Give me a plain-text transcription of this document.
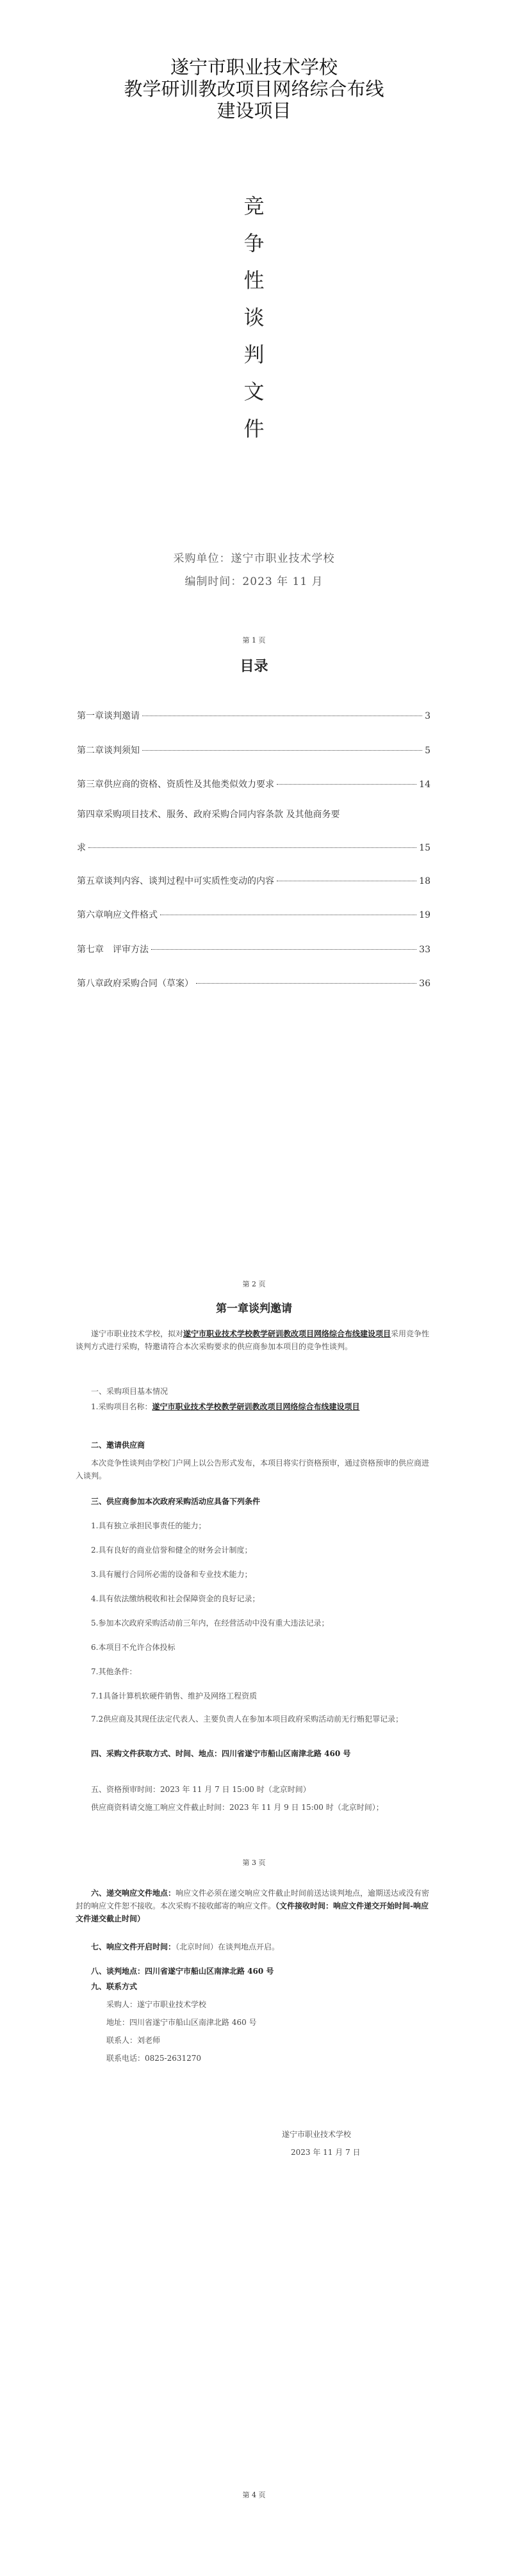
遂宁市职业技术学校
教学研训教改项目网络综合布线
建设项目
竞
争
性
谈
判
文
件
采购单位：遂宁市职业技术学校
编制时间：2023 年 11 月
第 1 页
目录
第一章谈判邀请	3
第二章谈判须知	5
第三章供应商的资格、资质性及其他类似效力要求	14
第四章采购项目技术、服务、政府采购合同内容条款 及其他商务要
求	15
第五章谈判内容、谈判过程中可实质性变动的内容	18
第六章响应文件格式	19
第七章　评审方法	33
第八章政府采购合同（草案）	36
第 2 页
第一章谈判邀请
遂宁市职业技术学校，拟对遂宁市职业技术学校教学研训教改项目网络综合布线建设项目采用竞争性谈判方式进行采购，特邀请符合本次采购要求的供应商参加本项目的竞争性谈判。
一、采购项目基本情况
1.采购项目名称：遂宁市职业技术学校教学研训教改项目网络综合布线建设项目
二、邀请供应商
本次竞争性谈判由学校门户网上以公告形式发布，本项目将实行资格预审，通过资格预审的供应商进入谈判。
三、供应商参加本次政府采购活动应具备下列条件
1.具有独立承担民事责任的能力；
2.具有良好的商业信誉和健全的财务会计制度；
3.具有履行合同所必需的设备和专业技术能力；
4.具有依法缴纳税收和社会保障资金的良好记录；
5.参加本次政府采购活动前三年内，在经营活动中没有重大违法记录；
6.本项目不允许合体投标
7.其他条件：
7.1具备计算机软硬件销售、维护及网络工程资质
7.2供应商及其现任法定代表人、主要负责人在参加本项目政府采购活动前无行贿犯罪记录；
四、采购文件获取方式、时间、地点：四川省遂宁市船山区南津北路 460 号
五、资格预审时间：2023 年 11 月 7 日 15:00 时（北京时间）
供应商资料请交施工响应文件截止时间：2023 年 11 月 9 日 15:00 时（北京时间）；
第 3 页
六、递交响应文件地点：响应文件必须在递交响应文件截止时间前送达谈判地点，逾期送达或没有密封的响应文件恕不接收。本次采购不接收邮寄的响应文件。（文件接收时间：响应文件递交开始时间-响应文件递交截止时间）
七、响应文件开启时间：（北京时间）在谈判地点开启。
八、谈判地点：四川省遂宁市船山区南津北路 460 号
九、联系方式
采购人：遂宁市职业技术学校
地址：四川省遂宁市船山区南津北路 460 号
联系人：刘老师
联系电话：0825-2631270
遂宁市职业技术学校
2023 年 11 月 7 日
第 4 页
